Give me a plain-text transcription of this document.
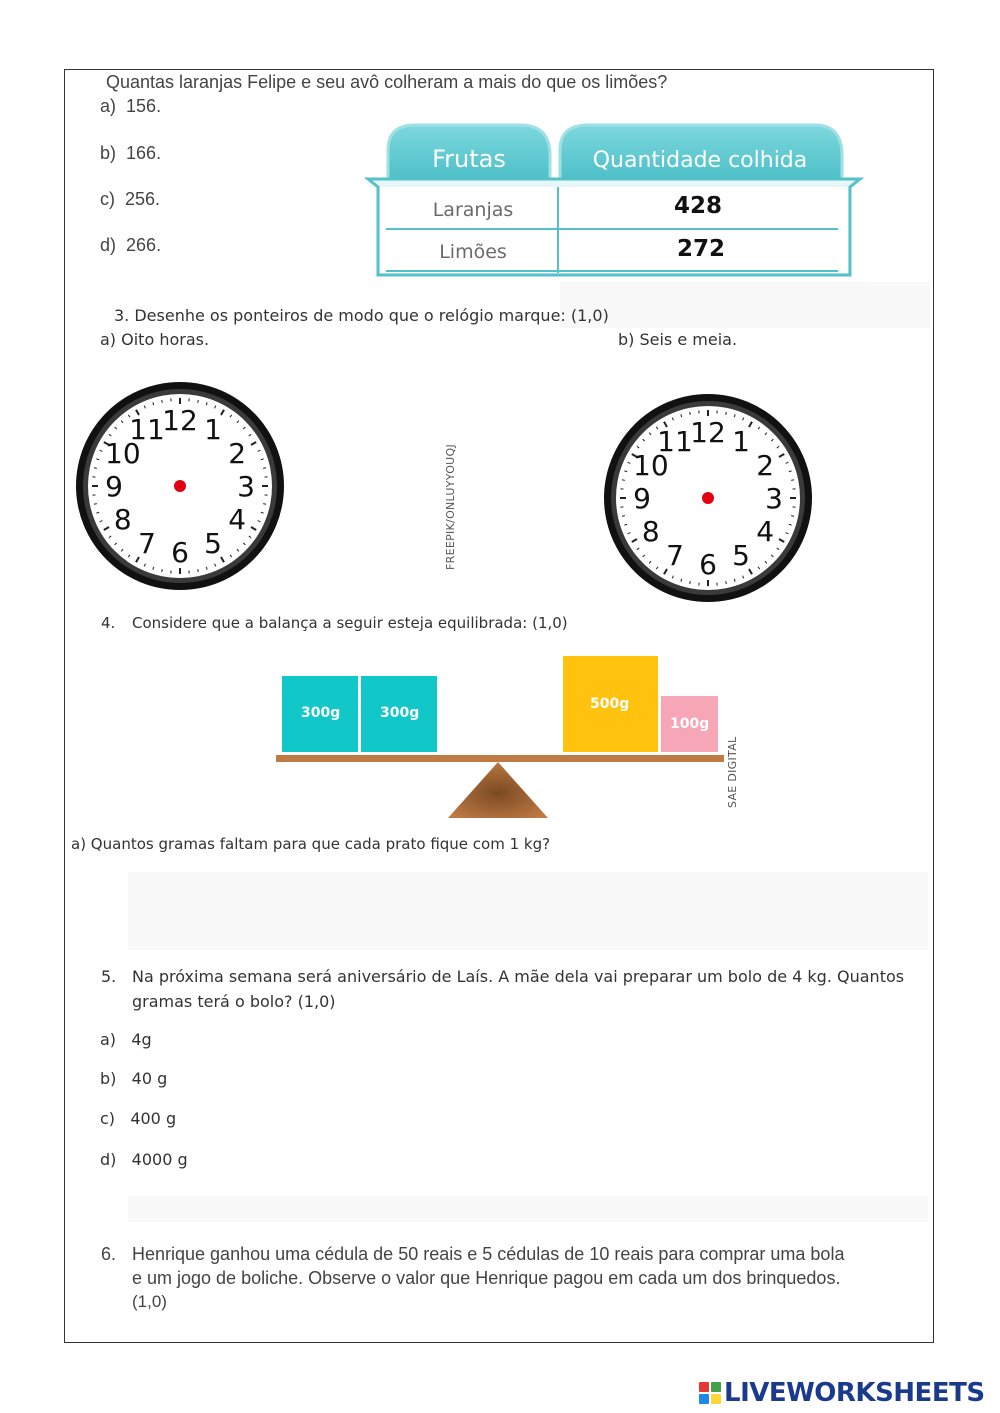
Quantas laranjas Felipe e seu avô colheram a mais do que os limões?
a) 156.
b) 166.
c) 256.
d) 266.
Frutas	Quantidade colhida
Laranjas	428
Limões	272
3. Desenhe os ponteiros de modo que o relógio marque: (1,0)
a) Oito horas.	b) Seis e meia.
12 1
2
3
4
5
6
7
8
9
10
11	12 1
2
3
4
5
6
7
8
9
10
11
FREEPIK/ONLUYYOUQJ
4. Considere que a balança a seguir esteja equilibrada: (1,0)
300g	300g
500g
100g
SAE DIGITAL
a) Quantos gramas faltam para que cada prato fique com 1 kg?
5. Na próxima semana será aniversário de Laís. A mãe dela vai preparar um bolo de 4 kg. Quantos
gramas terá o bolo? (1,0)
a) 4g
b) 40 g
c) 400 g
d) 4000 g
6. Henrique ganhou uma cédula de 50 reais e 5 cédulas de 10 reais para comprar uma bola
e um jogo de boliche. Observe o valor que Henrique pagou em cada um dos brinquedos.
(1,0)
LIVEWORKSHEETS
